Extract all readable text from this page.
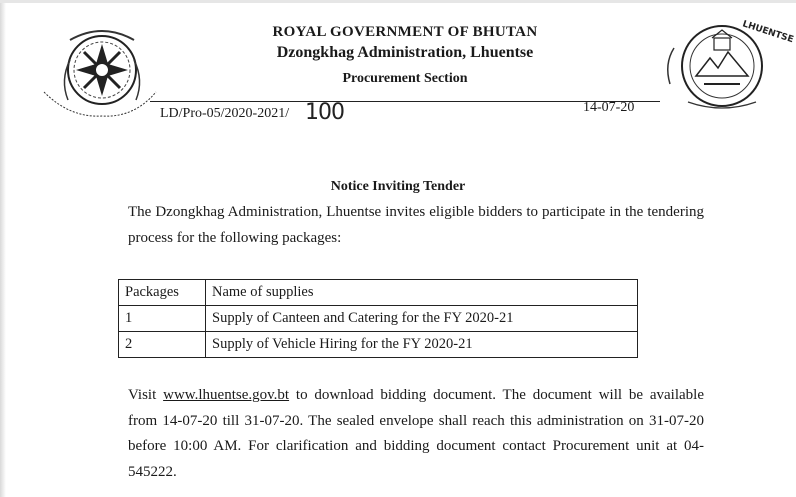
LHUENTSE
ROYAL GOVERNMENT OF BHUTAN
Dzongkhag Administration, Lhuentse
Procurement Section
LD/Pro-05/2020-2021/ 100	14-07-20
Notice Inviting Tender
The Dzongkhag Administration, Lhuentse invites eligible bidders to participate in the tendering process for the following packages:
Packages	Name of supplies
1	Supply of Canteen and Catering for the FY 2020-21
2	Supply of Vehicle Hiring for the FY 2020-21
Visit www.lhuentse.gov.bt to download bidding document. The document will be available from 14-07-20 till 31-07-20. The sealed envelope shall reach this administration on 31-07-20 before 10:00 AM. For clarification and bidding document contact Procurement unit at 04-545222.
